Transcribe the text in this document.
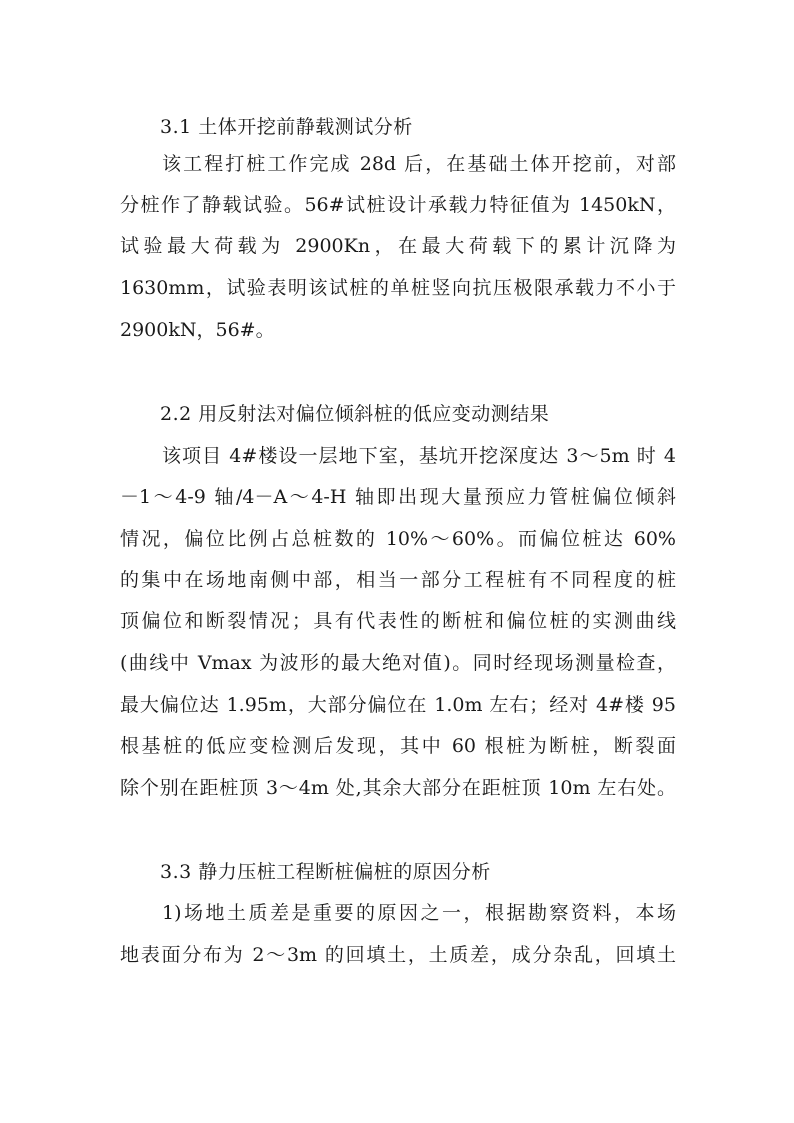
3.1 土体开挖前静载测试分析
该工程打桩工作完成 28d 后，在基础土体开挖前，对部
分桩作了静载试验。56#试桩设计承载力特征值为 1450kN，
试验最大荷载为 2900Kn，在最大荷载下的累计沉降为
1630mm，试验表明该试桩的单桩竖向抗压极限承载力不小于
2900kN，56#。
2.2 用反射法对偏位倾斜桩的低应变动测结果
该项目 4#楼设一层地下室，基坑开挖深度达 3～5m 时 4
－1～4-9 轴/4－A～4-H 轴即出现大量预应力管桩偏位倾斜
情况，偏位比例占总桩数的 10%～60%。而偏位桩达 60%
的集中在场地南侧中部，相当一部分工程桩有不同程度的桩
顶偏位和断裂情况；具有代表性的断桩和偏位桩的实测曲线
(曲线中 Vmax 为波形的最大绝对值)。同时经现场测量检查，
最大偏位达 1.95m，大部分偏位在 1.0m 左右；经对 4#楼 95
根基桩的低应变检测后发现，其中 60 根桩为断桩，断裂面
除个别在距桩顶 3～4m 处,其余大部分在距桩顶 10m 左右处。
3.3 静力压桩工程断桩偏桩的原因分析
1)场地土质差是重要的原因之一，根据勘察资料，本场
地表面分布为 2～3m 的回填土，土质差，成分杂乱，回填土
